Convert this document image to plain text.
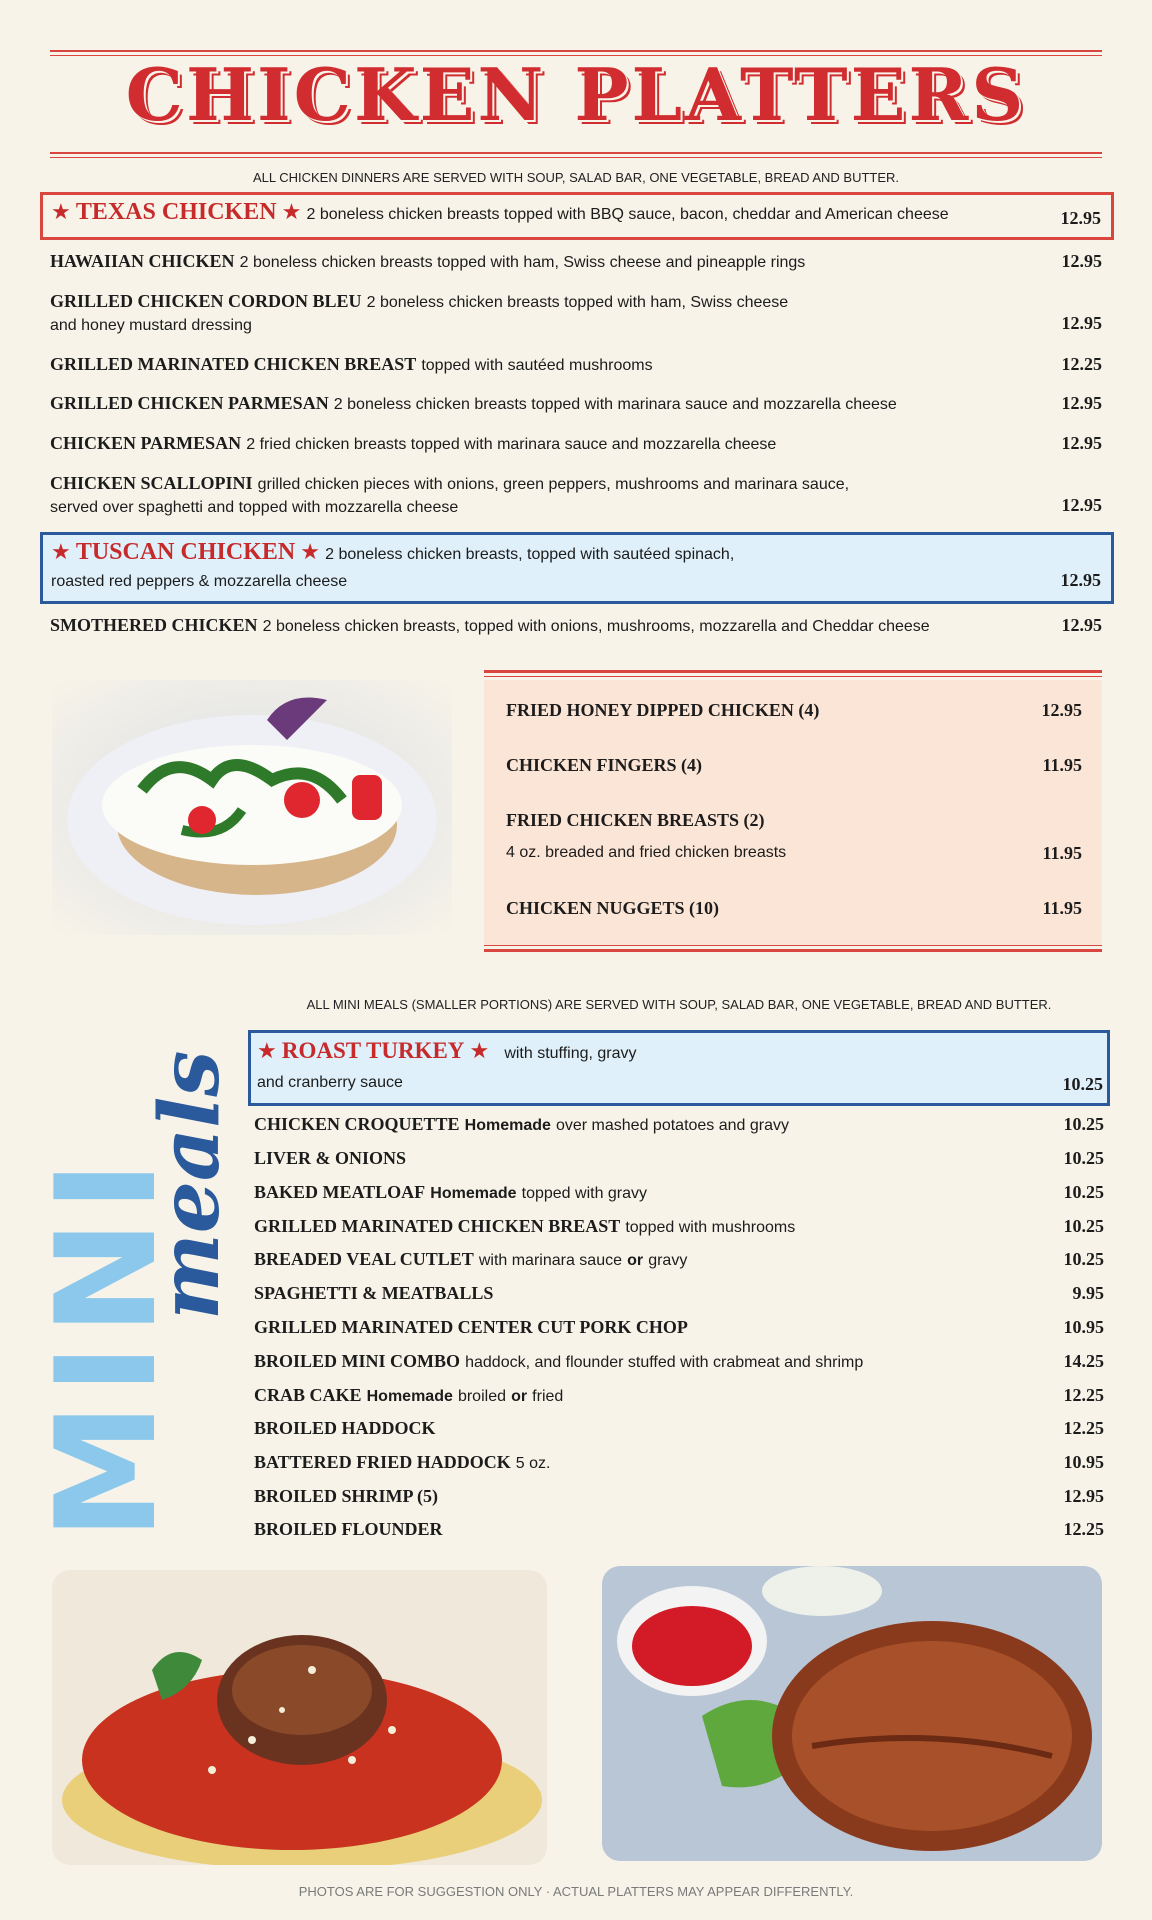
CHICKEN PLATTERS
ALL CHICKEN DINNERS ARE SERVED WITH SOUP, SALAD BAR, ONE VEGETABLE, BREAD AND BUTTER.
★ TEXAS CHICKEN ★ 2 boneless chicken breasts topped with BBQ sauce, bacon, cheddar and American cheese	12.95
HAWAIIAN CHICKEN 2 boneless chicken breasts topped with ham, Swiss cheese and pineapple rings	12.95
GRILLED CHICKEN CORDON BLEU 2 boneless chicken breasts topped with ham, Swiss cheese
and honey mustard dressing	12.95
GRILLED MARINATED CHICKEN BREAST topped with sautéed mushrooms	12.25
GRILLED CHICKEN PARMESAN 2 boneless chicken breasts topped with marinara sauce and mozzarella cheese	12.95
CHICKEN PARMESAN 2 fried chicken breasts topped with marinara sauce and mozzarella cheese	12.95
CHICKEN SCALLOPINI grilled chicken pieces with onions, green peppers, mushrooms and marinara sauce,
served over spaghetti and topped with mozzarella cheese	12.95
★ TUSCAN CHICKEN ★ 2 boneless chicken breasts, topped with sautéed spinach,
roasted red peppers & mozzarella cheese	12.95
SMOTHERED CHICKEN 2 boneless chicken breasts, topped with onions, mushrooms, mozzarella and Cheddar cheese	12.95
FRIED HONEY DIPPED CHICKEN (4)	12.95
CHICKEN FINGERS (4)	11.95
FRIED CHICKEN BREASTS (2)
4 oz. breaded and fried chicken breasts	11.95
CHICKEN NUGGETS (10)	11.95
ALL MINI MEALS (SMALLER PORTIONS) ARE SERVED WITH SOUP, SALAD BAR, ONE VEGETABLE, BREAD AND BUTTER.
MINI
meals ★ ROAST TURKEY ★ with stuffing, gravy
and cranberry sauce	10.25
CHICKEN CROQUETTE Homemade over mashed potatoes and gravy	10.25
LIVER & ONIONS	10.25
BAKED MEATLOAF Homemade topped with gravy	10.25
GRILLED MARINATED CHICKEN BREAST topped with mushrooms	10.25
BREADED VEAL CUTLET with marinara sauce or gravy	10.25
SPAGHETTI & MEATBALLS	9.95
GRILLED MARINATED CENTER CUT PORK CHOP	10.95
BROILED MINI COMBO haddock, and flounder stuffed with crabmeat and shrimp	14.25
CRAB CAKE Homemade broiled or fried	12.25
BROILED HADDOCK	12.25
BATTERED FRIED HADDOCK 5 oz.	10.95
BROILED SHRIMP (5)	12.95
BROILED FLOUNDER	12.25
PHOTOS ARE FOR SUGGESTION ONLY · ACTUAL PLATTERS MAY APPEAR DIFFERENTLY.
